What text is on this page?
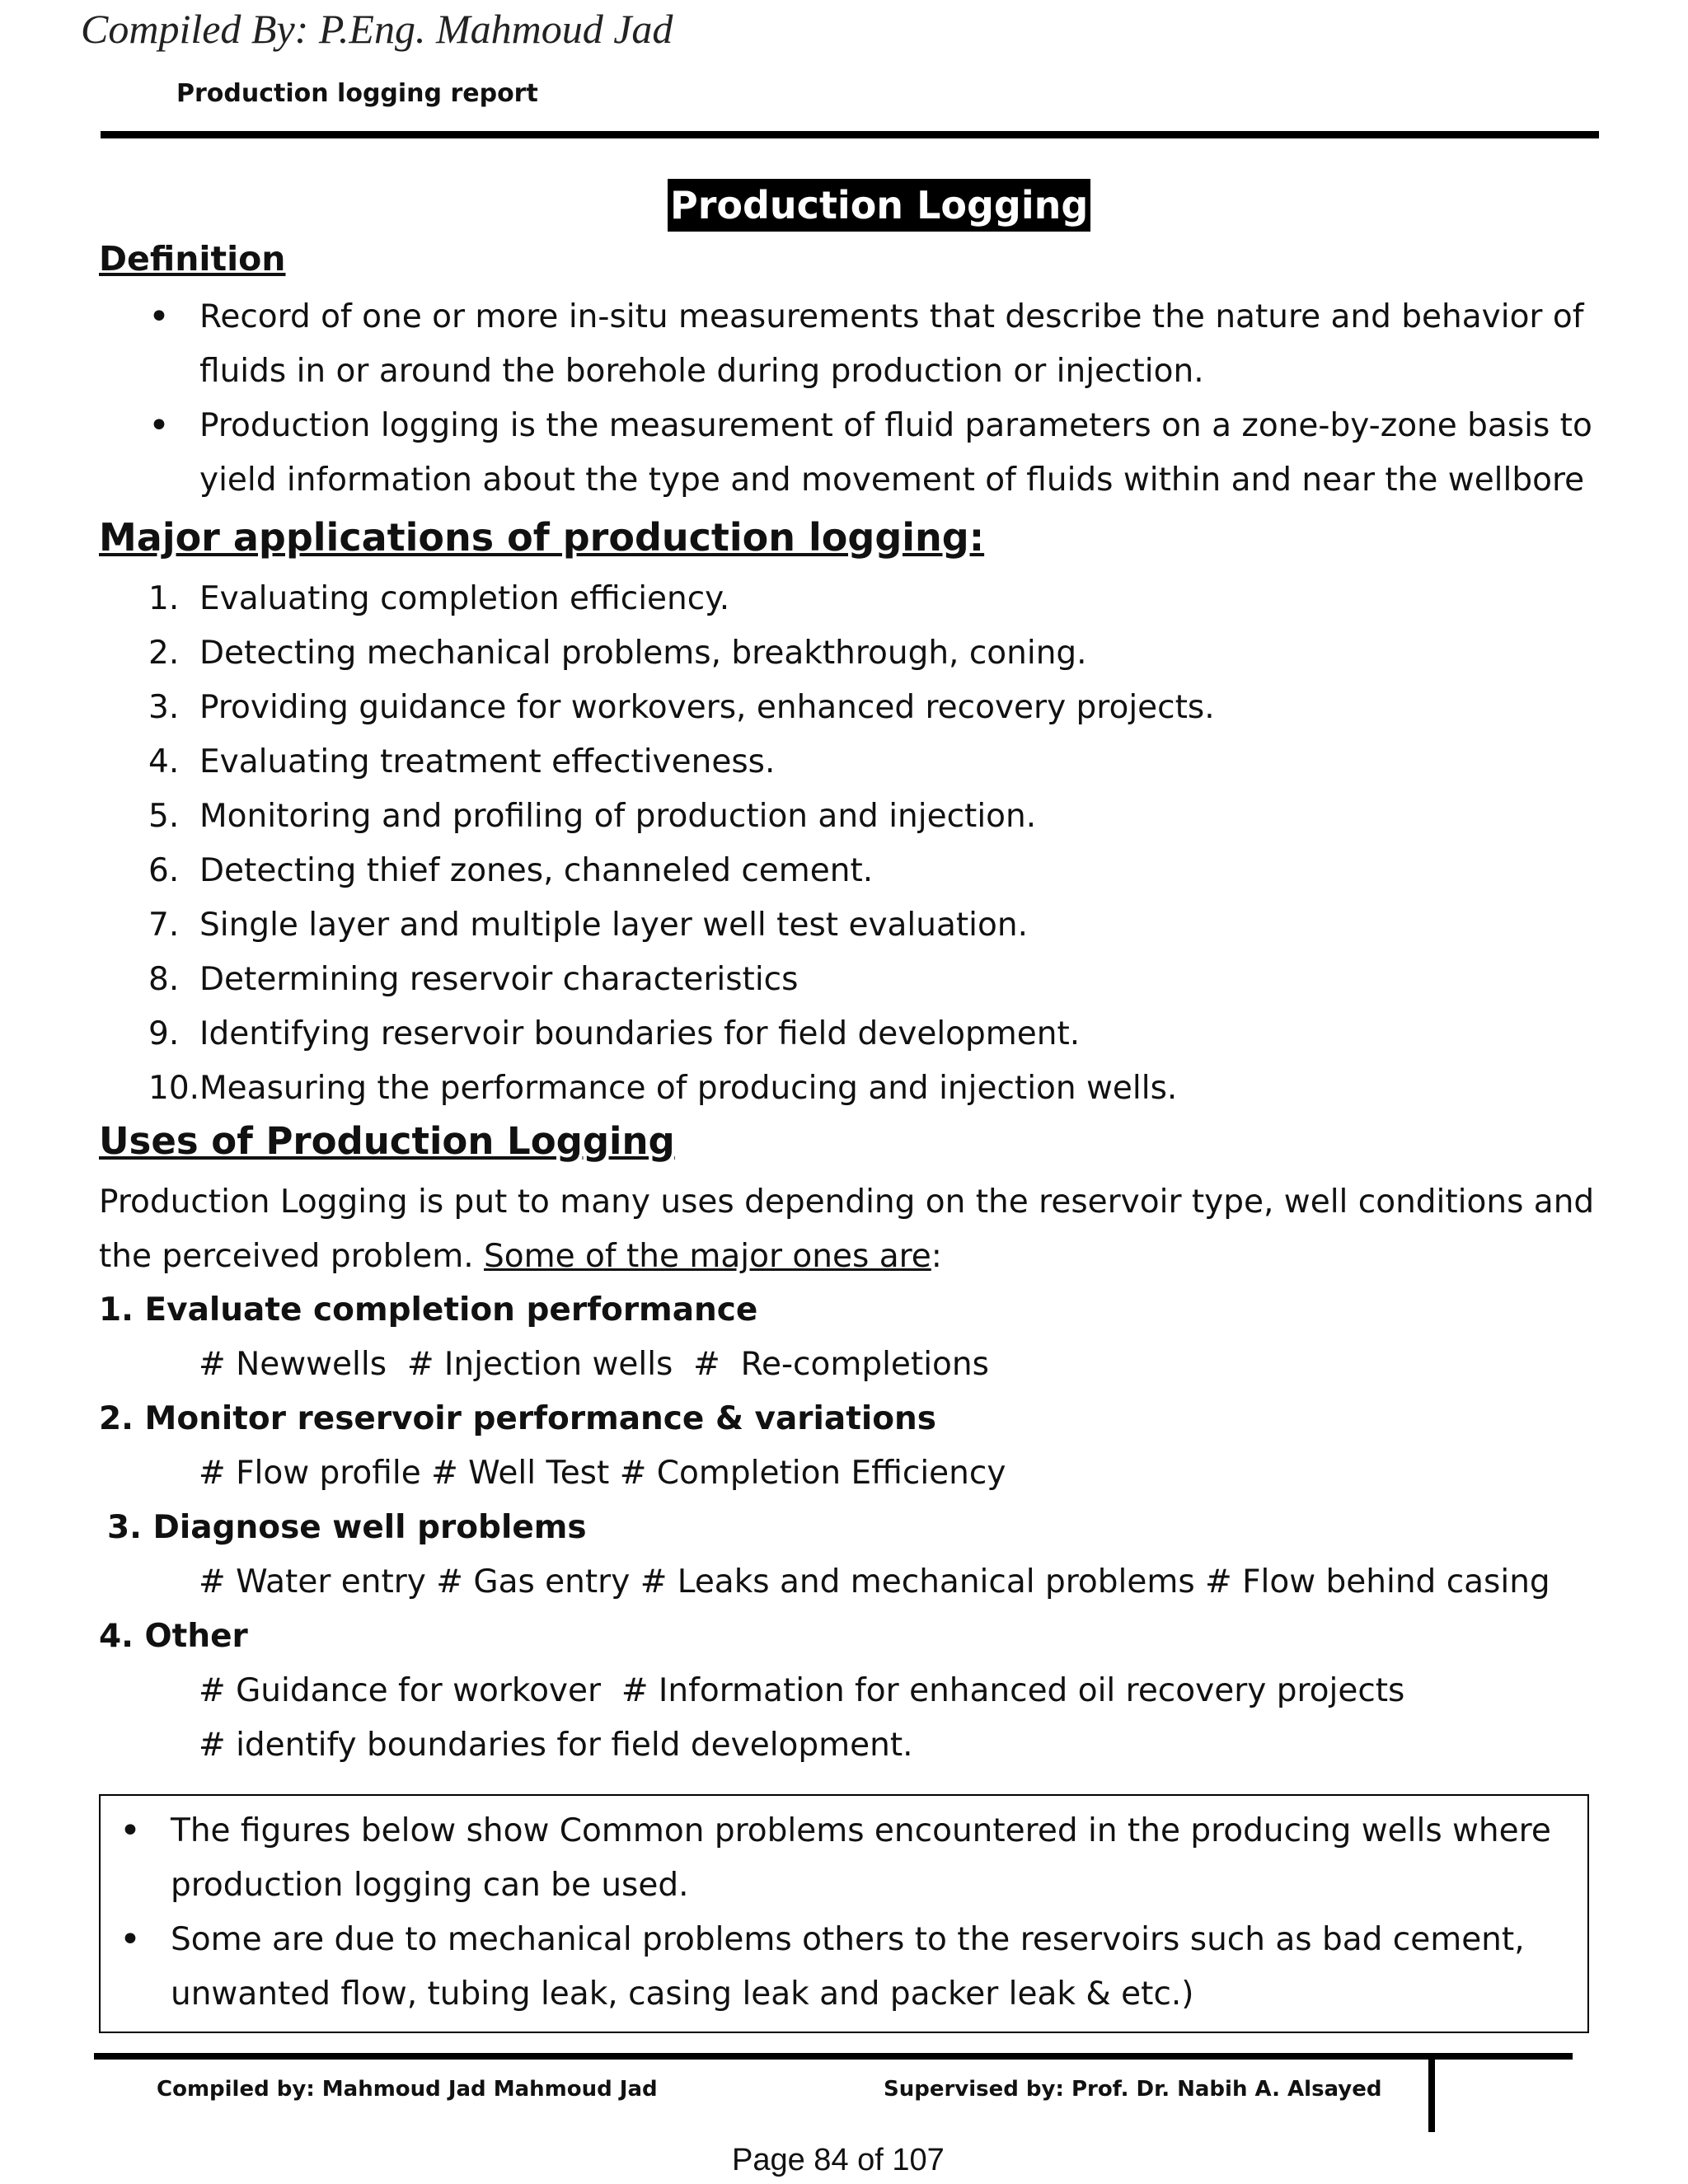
Compiled By: P.Eng. Mahmoud Jad
Production logging report
Production Logging
Definition
• Record of one or more in-situ measurements that describe the nature and behavior of
fluids in or around the borehole during production or injection.
• Production logging is the measurement of fluid parameters on a zone-by-zone basis to
yield information about the type and movement of fluids within and near the wellbore
Major applications of production logging:
1. Evaluating completion efficiency.
2. Detecting mechanical problems, breakthrough, coning.
3. Providing guidance for workovers, enhanced recovery projects.
4. Evaluating treatment effectiveness.
5. Monitoring and profiling of production and injection.
6. Detecting thief zones, channeled cement.
7. Single layer and multiple layer well test evaluation.
8. Determining reservoir characteristics
9. Identifying reservoir boundaries for field development.
10.Measuring the performance of producing and injection wells.
Uses of Production Logging
Production Logging is put to many uses depending on the reservoir type, well conditions and
the perceived problem. Some of the major ones are:
1. Evaluate completion performance
# Newwells  # Injection wells  #  Re-completions
2. Monitor reservoir performance & variations
# Flow profile # Well Test # Completion Efficiency
3. Diagnose well problems
# Water entry # Gas entry # Leaks and mechanical problems # Flow behind casing
4. Other
# Guidance for workover  # Information for enhanced oil recovery projects
# identify boundaries for field development.
• The figures below show Common problems encountered in the producing wells where
production logging can be used.
• Some are due to mechanical problems others to the reservoirs such as bad cement,
unwanted flow, tubing leak, casing leak and packer leak & etc.)
Compiled by: Mahmoud Jad Mahmoud Jad	Supervised by: Prof. Dr. Nabih A. Alsayed
Page 84 of 107
